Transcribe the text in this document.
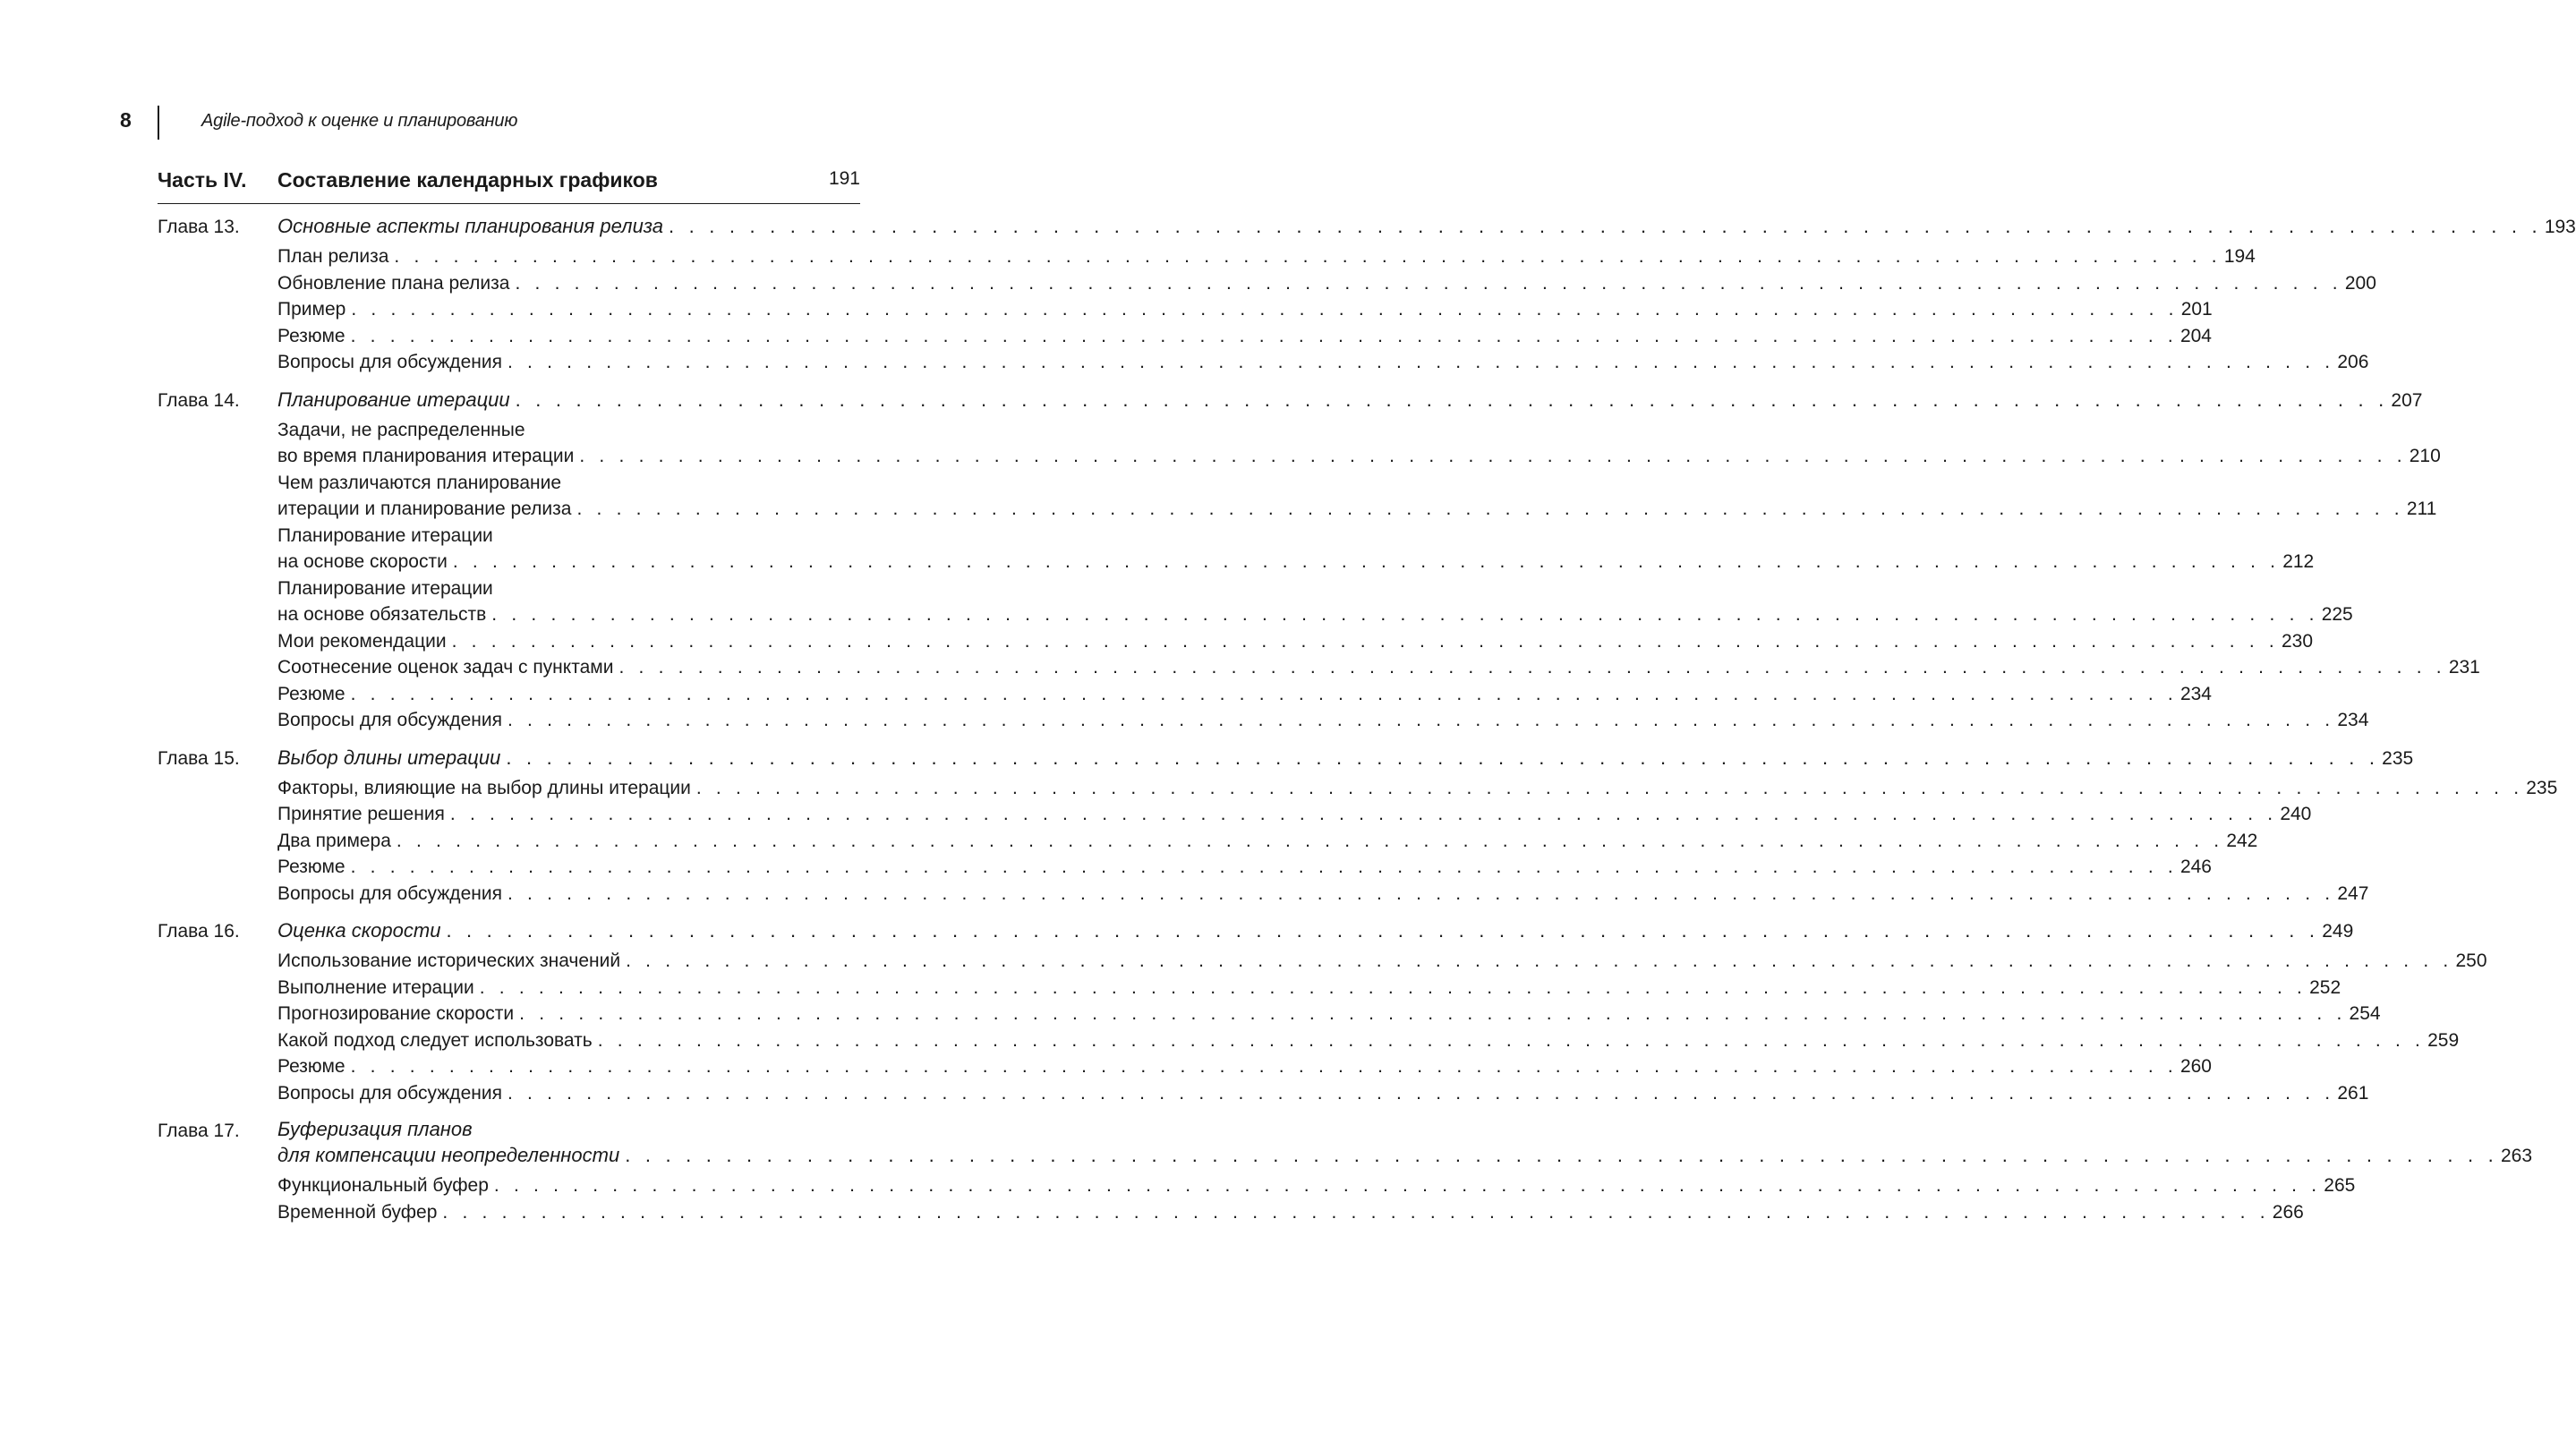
8	Agile-подход к оценке и планированию
Часть IV. Составление календарных графиков	191
Глава 13. Основные аспекты планирования релиза . . . . . . . . . . . . . . . . . . . . . . . . . . . . . . . . . . . . . . . . . . . . . . . . . . . . . . . . . . . . . . . . . . . . . . . . . . . . . . . . . . . . . . . . . . . . . 193
План релиза . . . . . . . . . . . . . . . . . . . . . . . . . . . . . . . . . . . . . . . . . . . . . . . . . . . . . . . . . . . . . . . . . . . . . . . . . . . . . . . . . . . . . . . . . . . . . 194
Обновление плана релиза . . . . . . . . . . . . . . . . . . . . . . . . . . . . . . . . . . . . . . . . . . . . . . . . . . . . . . . . . . . . . . . . . . . . . . . . . . . . . . . . . . . . . . . . . . . . . 200
Пример . . . . . . . . . . . . . . . . . . . . . . . . . . . . . . . . . . . . . . . . . . . . . . . . . . . . . . . . . . . . . . . . . . . . . . . . . . . . . . . . . . . . . . . . . . . . . 201
Резюме . . . . . . . . . . . . . . . . . . . . . . . . . . . . . . . . . . . . . . . . . . . . . . . . . . . . . . . . . . . . . . . . . . . . . . . . . . . . . . . . . . . . . . . . . . . . . 204
Вопросы для обсуждения . . . . . . . . . . . . . . . . . . . . . . . . . . . . . . . . . . . . . . . . . . . . . . . . . . . . . . . . . . . . . . . . . . . . . . . . . . . . . . . . . . . . . . . . . . . . . 206
Глава 14. Планирование итерации . . . . . . . . . . . . . . . . . . . . . . . . . . . . . . . . . . . . . . . . . . . . . . . . . . . . . . . . . . . . . . . . . . . . . . . . . . . . . . . . . . . . . . . . . . . . . 207
Задачи, не распределенные
во время планирования итерации . . . . . . . . . . . . . . . . . . . . . . . . . . . . . . . . . . . . . . . . . . . . . . . . . . . . . . . . . . . . . . . . . . . . . . . . . . . . . . . . . . . . . . . . . . . . . 210
Чем различаются планирование
итерации и планирование релиза . . . . . . . . . . . . . . . . . . . . . . . . . . . . . . . . . . . . . . . . . . . . . . . . . . . . . . . . . . . . . . . . . . . . . . . . . . . . . . . . . . . . . . . . . . . . . 211
Планирование итерации
на основе скорости . . . . . . . . . . . . . . . . . . . . . . . . . . . . . . . . . . . . . . . . . . . . . . . . . . . . . . . . . . . . . . . . . . . . . . . . . . . . . . . . . . . . . . . . . . . . . 212
Планирование итерации
на основе обязательств . . . . . . . . . . . . . . . . . . . . . . . . . . . . . . . . . . . . . . . . . . . . . . . . . . . . . . . . . . . . . . . . . . . . . . . . . . . . . . . . . . . . . . . . . . . . . 225
Мои рекомендации . . . . . . . . . . . . . . . . . . . . . . . . . . . . . . . . . . . . . . . . . . . . . . . . . . . . . . . . . . . . . . . . . . . . . . . . . . . . . . . . . . . . . . . . . . . . . 230
Соотнесение оценок задач с пунктами . . . . . . . . . . . . . . . . . . . . . . . . . . . . . . . . . . . . . . . . . . . . . . . . . . . . . . . . . . . . . . . . . . . . . . . . . . . . . . . . . . . . . . . . . . . . . 231
Резюме . . . . . . . . . . . . . . . . . . . . . . . . . . . . . . . . . . . . . . . . . . . . . . . . . . . . . . . . . . . . . . . . . . . . . . . . . . . . . . . . . . . . . . . . . . . . . 234
Вопросы для обсуждения . . . . . . . . . . . . . . . . . . . . . . . . . . . . . . . . . . . . . . . . . . . . . . . . . . . . . . . . . . . . . . . . . . . . . . . . . . . . . . . . . . . . . . . . . . . . . 234
Глава 15. Выбор длины итерации . . . . . . . . . . . . . . . . . . . . . . . . . . . . . . . . . . . . . . . . . . . . . . . . . . . . . . . . . . . . . . . . . . . . . . . . . . . . . . . . . . . . . . . . . . . . . 235
Факторы, влияющие на выбор длины итерации . . . . . . . . . . . . . . . . . . . . . . . . . . . . . . . . . . . . . . . . . . . . . . . . . . . . . . . . . . . . . . . . . . . . . . . . . . . . . . . . . . . . . . . . . . . . . 235
Принятие решения . . . . . . . . . . . . . . . . . . . . . . . . . . . . . . . . . . . . . . . . . . . . . . . . . . . . . . . . . . . . . . . . . . . . . . . . . . . . . . . . . . . . . . . . . . . . . 240
Два примера . . . . . . . . . . . . . . . . . . . . . . . . . . . . . . . . . . . . . . . . . . . . . . . . . . . . . . . . . . . . . . . . . . . . . . . . . . . . . . . . . . . . . . . . . . . . . 242
Резюме . . . . . . . . . . . . . . . . . . . . . . . . . . . . . . . . . . . . . . . . . . . . . . . . . . . . . . . . . . . . . . . . . . . . . . . . . . . . . . . . . . . . . . . . . . . . . 246
Вопросы для обсуждения . . . . . . . . . . . . . . . . . . . . . . . . . . . . . . . . . . . . . . . . . . . . . . . . . . . . . . . . . . . . . . . . . . . . . . . . . . . . . . . . . . . . . . . . . . . . . 247
Глава 16. Оценка скорости . . . . . . . . . . . . . . . . . . . . . . . . . . . . . . . . . . . . . . . . . . . . . . . . . . . . . . . . . . . . . . . . . . . . . . . . . . . . . . . . . . . . . . . . . . . . . 249
Использование исторических значений . . . . . . . . . . . . . . . . . . . . . . . . . . . . . . . . . . . . . . . . . . . . . . . . . . . . . . . . . . . . . . . . . . . . . . . . . . . . . . . . . . . . . . . . . . . . . 250
Выполнение итерации . . . . . . . . . . . . . . . . . . . . . . . . . . . . . . . . . . . . . . . . . . . . . . . . . . . . . . . . . . . . . . . . . . . . . . . . . . . . . . . . . . . . . . . . . . . . . 252
Прогнозирование скорости . . . . . . . . . . . . . . . . . . . . . . . . . . . . . . . . . . . . . . . . . . . . . . . . . . . . . . . . . . . . . . . . . . . . . . . . . . . . . . . . . . . . . . . . . . . . . 254
Какой подход следует использовать . . . . . . . . . . . . . . . . . . . . . . . . . . . . . . . . . . . . . . . . . . . . . . . . . . . . . . . . . . . . . . . . . . . . . . . . . . . . . . . . . . . . . . . . . . . . . 259
Резюме . . . . . . . . . . . . . . . . . . . . . . . . . . . . . . . . . . . . . . . . . . . . . . . . . . . . . . . . . . . . . . . . . . . . . . . . . . . . . . . . . . . . . . . . . . . . . 260
Вопросы для обсуждения . . . . . . . . . . . . . . . . . . . . . . . . . . . . . . . . . . . . . . . . . . . . . . . . . . . . . . . . . . . . . . . . . . . . . . . . . . . . . . . . . . . . . . . . . . . . . 261
Глава 17. Буферизация планов
для компенсации неопределенности . . . . . . . . . . . . . . . . . . . . . . . . . . . . . . . . . . . . . . . . . . . . . . . . . . . . . . . . . . . . . . . . . . . . . . . . . . . . . . . . . . . . . . . . . . . . . 263
Функциональный буфер . . . . . . . . . . . . . . . . . . . . . . . . . . . . . . . . . . . . . . . . . . . . . . . . . . . . . . . . . . . . . . . . . . . . . . . . . . . . . . . . . . . . . . . . . . . . . 265
Временной буфер . . . . . . . . . . . . . . . . . . . . . . . . . . . . . . . . . . . . . . . . . . . . . . . . . . . . . . . . . . . . . . . . . . . . . . . . . . . . . . . . . . . . . . . . . . . . . 266
